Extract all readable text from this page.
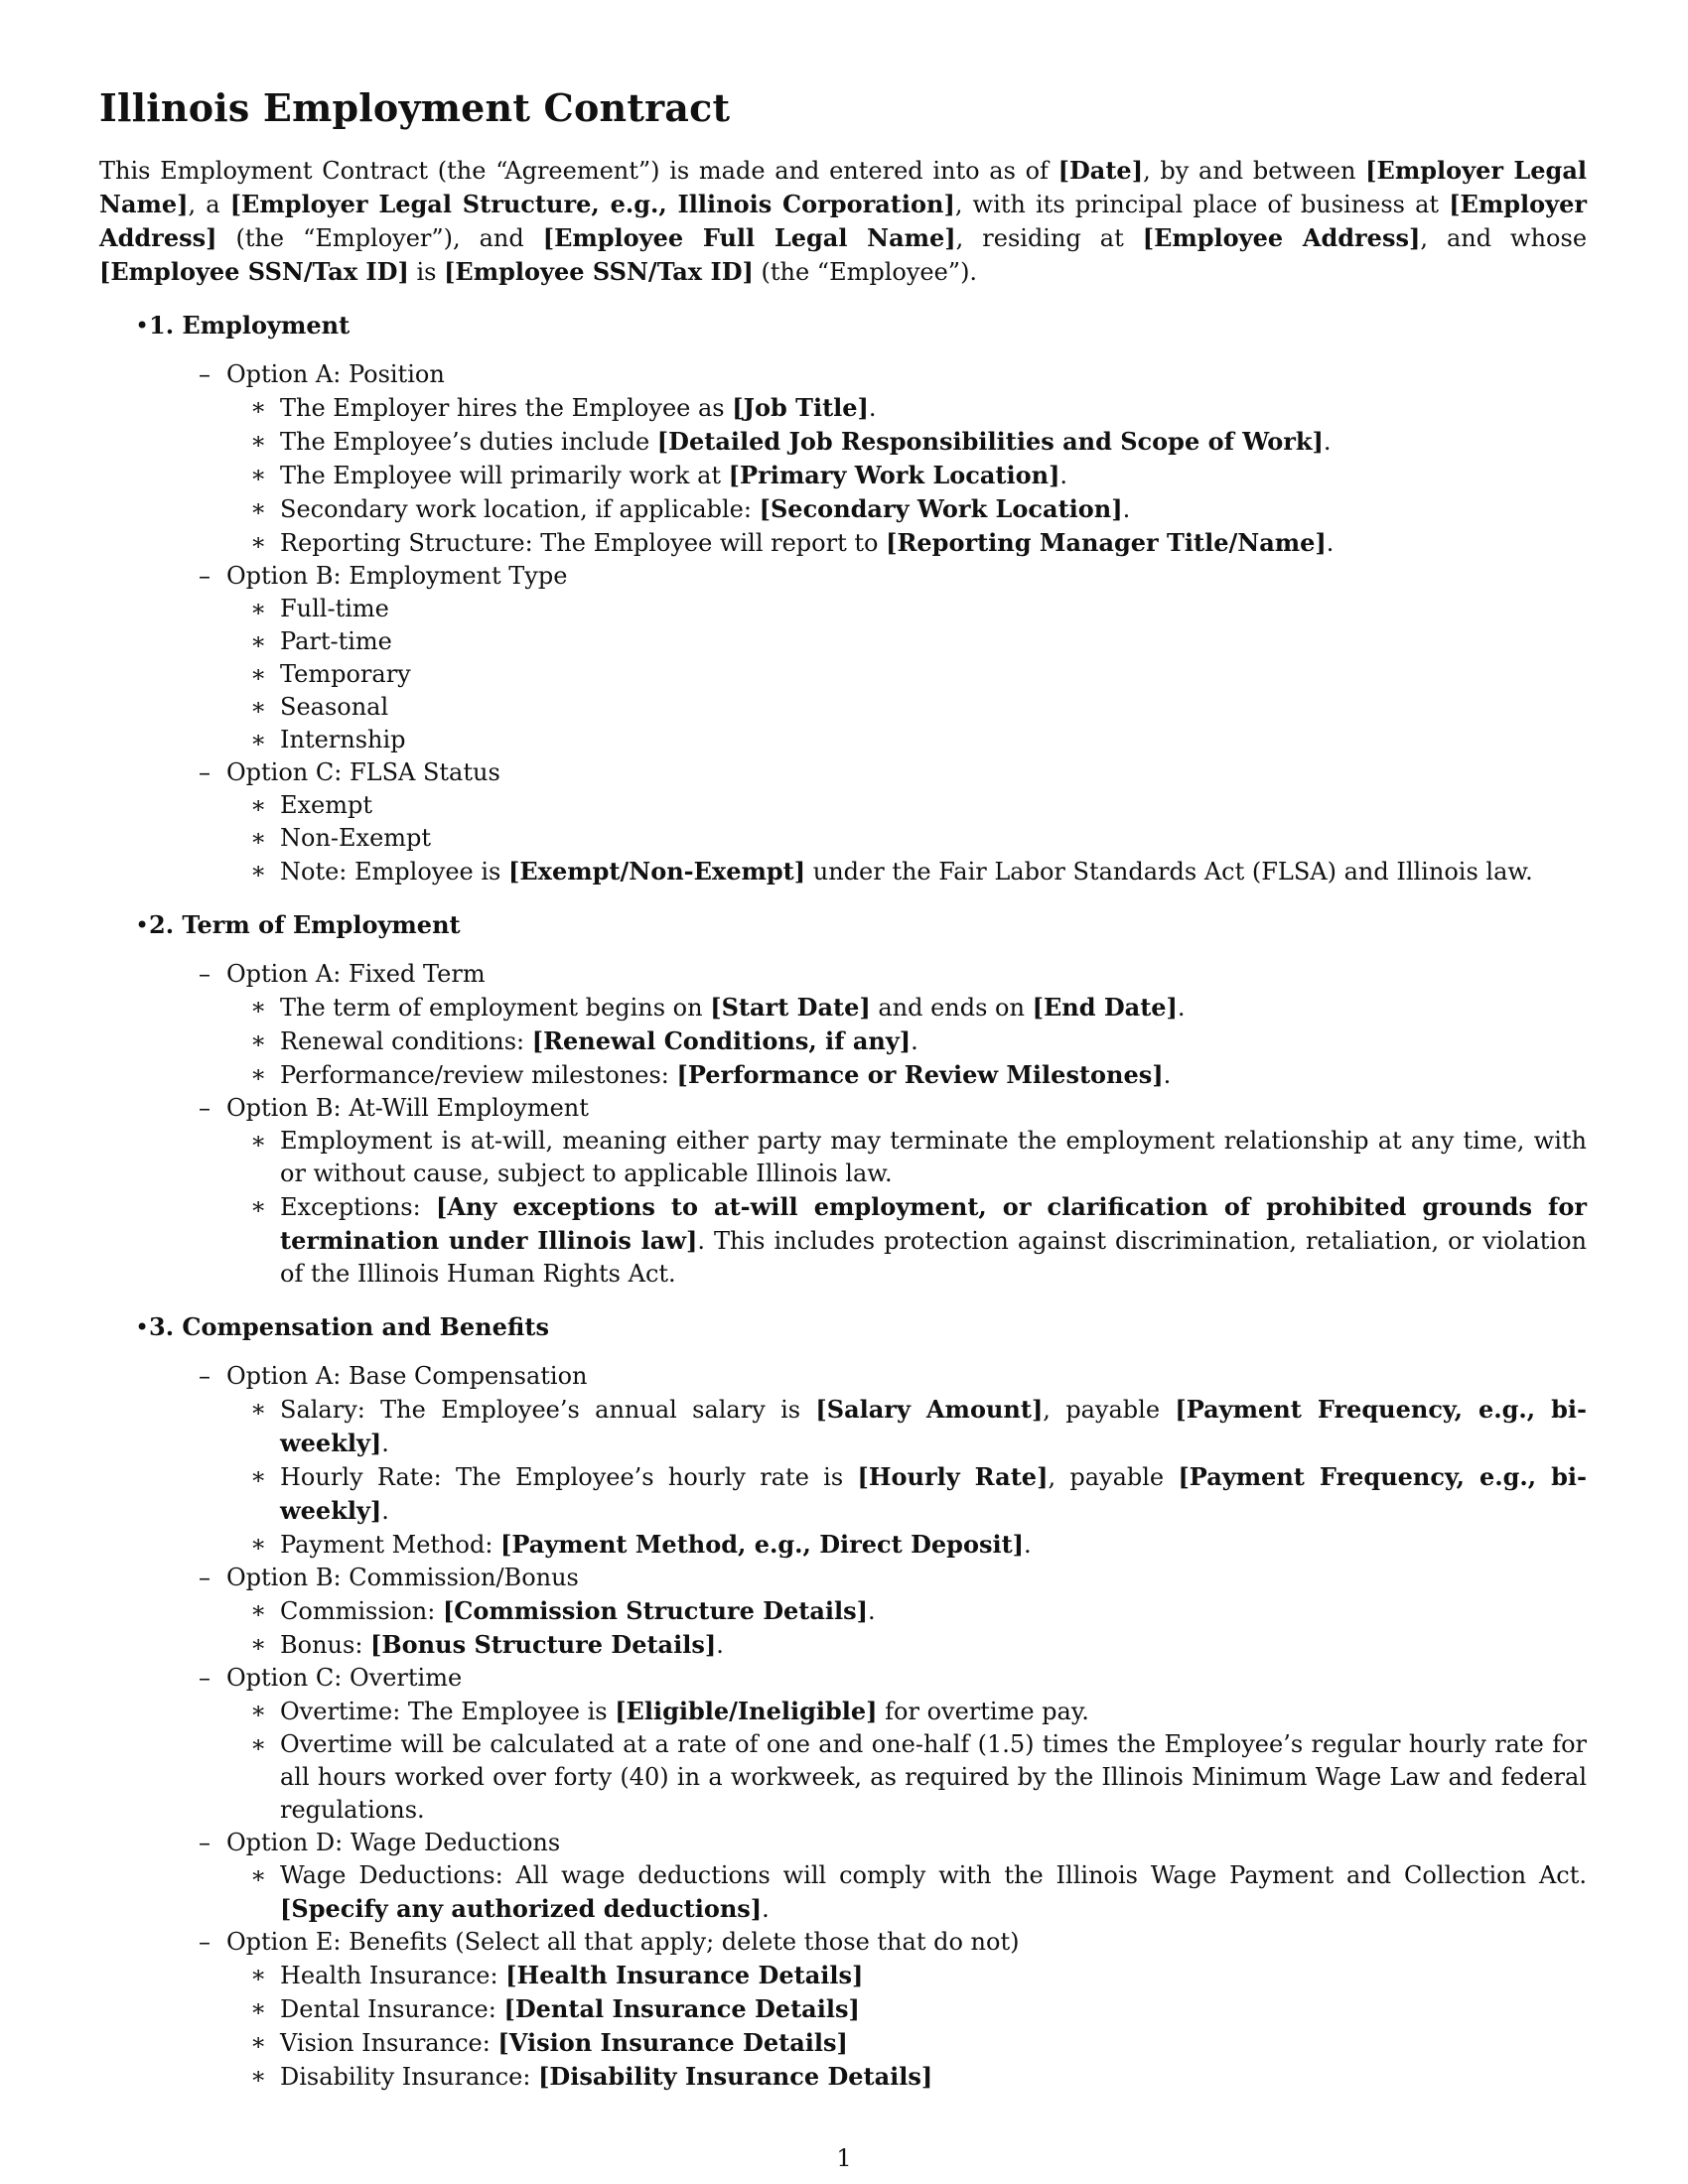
Illinois Employment Contract

This Employment Contract (the “Agreement”) is made and entered into as of [Date], by and between [Employer Legal Name], a [Employer Legal Structure, e.g., Illinois Corporation], with its principal place of business at [Employer Address] (the “Employer”), and [Employee Full Legal Name], residing at [Employee Address], and whose [Employee SSN/Tax ID] is [Employee SSN/Tax ID] (the “Employee”).

• 1. Employment
– Option A: Position
∗ The Employer hires the Employee as [Job Title].
∗ The Employee’s duties include [Detailed Job Responsibilities and Scope of Work].
∗ The Employee will primarily work at [Primary Work Location].
∗ Secondary work location, if applicable: [Secondary Work Location].
∗ Reporting Structure: The Employee will report to [Reporting Manager Title/Name].
– Option B: Employment Type
∗ Full-time
∗ Part-time
∗ Temporary
∗ Seasonal
∗ Internship
– Option C: FLSA Status
∗ Exempt
∗ Non-Exempt
∗ Note: Employee is [Exempt/Non-Exempt] under the Fair Labor Standards Act (FLSA) and Illinois law.
• 2. Term of Employment
– Option A: Fixed Term
∗ The term of employment begins on [Start Date] and ends on [End Date].
∗ Renewal conditions: [Renewal Conditions, if any].
∗ Performance/review milestones: [Performance or Review Milestones].
– Option B: At-Will Employment
∗ Employment is at-will, meaning either party may terminate the employment relationship at any time, with or without cause, subject to applicable Illinois law.
∗ Exceptions: [Any exceptions to at-will employment, or clarification of prohibited grounds for termination under Illinois law]. This includes protection against discrimination, retaliation, or violation of the Illinois Human Rights Act.
• 3. Compensation and Benefits
– Option A: Base Compensation
∗ Salary: The Employee’s annual salary is [Salary Amount], payable [Payment Frequency, e.g., bi-weekly].
∗ Hourly Rate: The Employee’s hourly rate is [Hourly Rate], payable [Payment Frequency, e.g., bi-weekly].
∗ Payment Method: [Payment Method, e.g., Direct Deposit].
– Option B: Commission/Bonus
∗ Commission: [Commission Structure Details].
∗ Bonus: [Bonus Structure Details].
– Option C: Overtime
∗ Overtime: The Employee is [Eligible/Ineligible] for overtime pay.
∗ Overtime will be calculated at a rate of one and one-half (1.5) times the Employee’s regular hourly rate for all hours worked over forty (40) in a workweek, as required by the Illinois Minimum Wage Law and federal regulations.
– Option D: Wage Deductions
∗ Wage Deductions: All wage deductions will comply with the Illinois Wage Payment and Collection Act. [Specify any authorized deductions].
– Option E: Benefits (Select all that apply; delete those that do not)
∗ Health Insurance: [Health Insurance Details]
∗ Dental Insurance: [Dental Insurance Details]
∗ Vision Insurance: [Vision Insurance Details]
∗ Disability Insurance: [Disability Insurance Details]
1
